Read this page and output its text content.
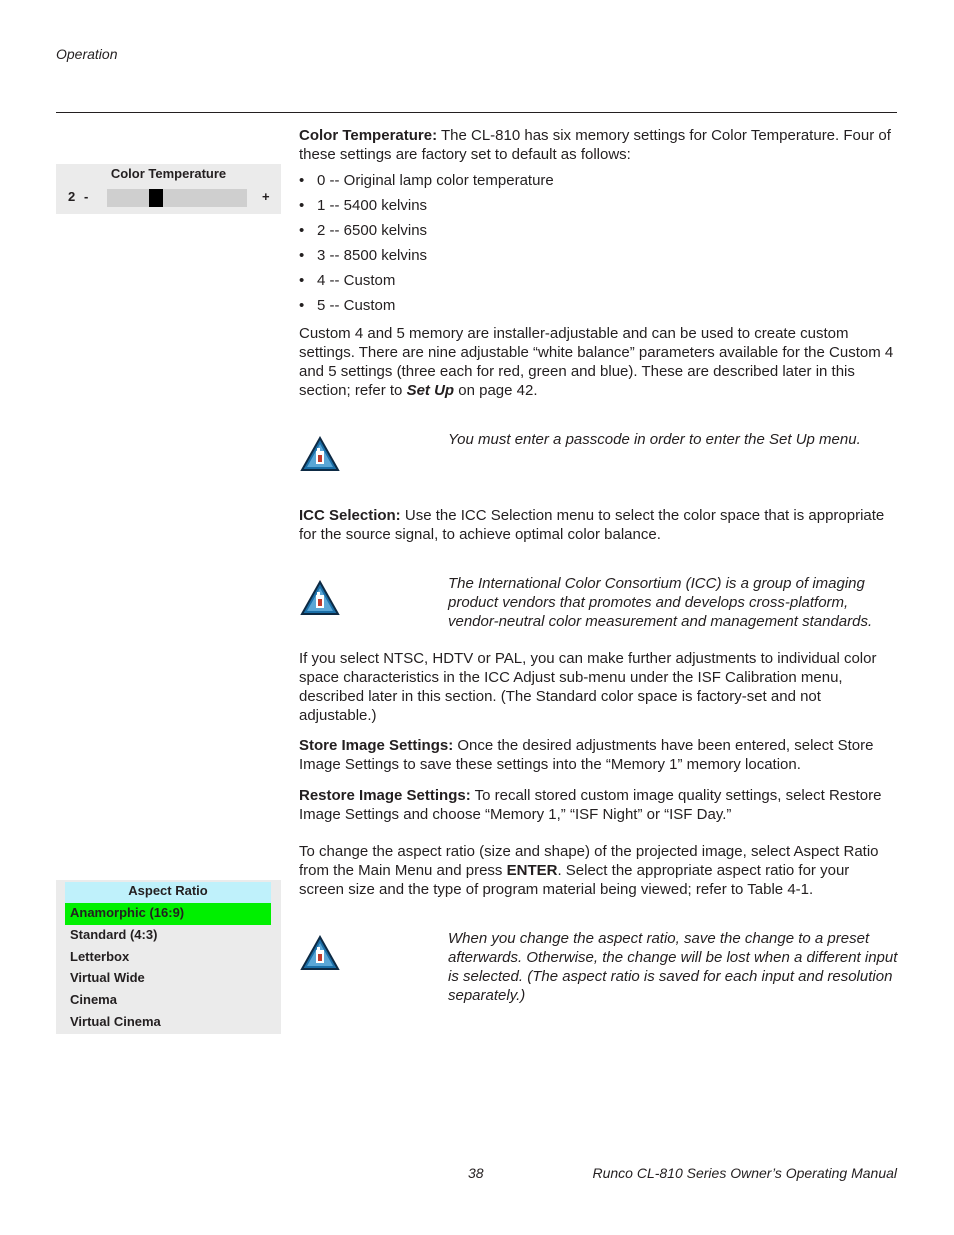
Operation
Color Temperature
2 -	+

Color Temperature: The CL-810 has six memory settings for Color Temperature. Four of these settings are factory set to default as follows:

• 0 -- Original lamp color temperature
• 1 -- 5400 kelvins
• 2 -- 6500 kelvins
• 3 -- 8500 kelvins
• 4 -- Custom
• 5 -- Custom

Custom 4 and 5 memory are installer-adjustable and can be used to create custom settings. There are nine adjustable “white balance” parameters available for the Custom 4 and 5 settings (three each for red, green and blue). These are described later in this section; refer to Set Up on page 42.

You must enter a passcode in order to enter the Set Up menu.

ICC Selection: Use the ICC Selection menu to select the color space that is appropriate for the source signal, to achieve optimal color balance.

The International Color Consortium (ICC) is a group of imaging product vendors that promotes and develops cross-platform, vendor-neutral color measurement and management standards.

If you select NTSC, HDTV or PAL, you can make further adjustments to individual color space characteristics in the ICC Adjust sub-menu under the ISF Calibration menu, described later in this section. (The Standard color space is factory-set and not adjustable.)

Store Image Settings: Once the desired adjustments have been entered, select Store Image Settings to save these settings into the “Memory 1” memory location.

Restore Image Settings: To recall stored custom image quality settings, select Restore Image Settings and choose “Memory 1,” “ISF Night” or “ISF Day.”

To change the aspect ratio (size and shape) of the projected image, select Aspect Ratio from the Main Menu and press ENTER. Select the appropriate aspect ratio for your screen size and the type of program material being viewed; refer to Table 4-1.

When you change the aspect ratio, save the change to a preset afterwards. Otherwise, the change will be lost when a different input is selected. (The aspect ratio is saved for each input and resolution separately.)
Aspect Ratio
Anamorphic (16:9)
Standard (4:3)
Letterbox
Virtual Wide
Cinema
Virtual Cinema
38	Runco CL-810 Series Owner’s Operating Manual
